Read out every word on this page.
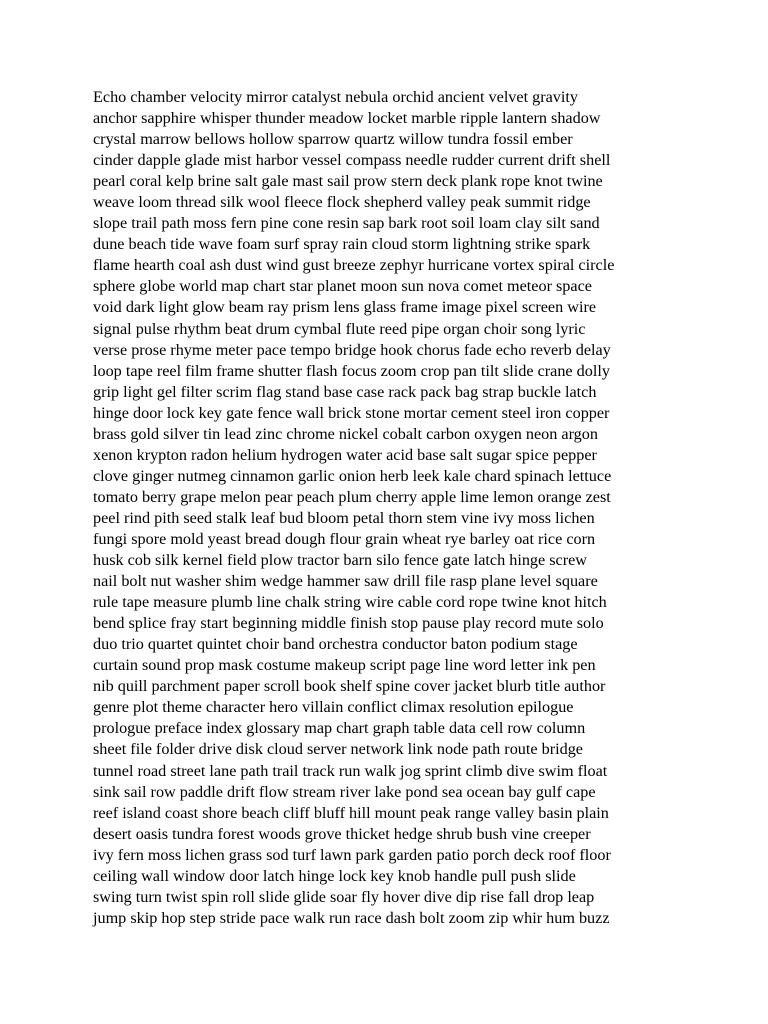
Echo chamber velocity mirror catalyst nebula orchid ancient velvet gravity
anchor sapphire whisper thunder meadow locket marble ripple lantern shadow
crystal marrow bellows hollow sparrow quartz willow tundra fossil ember
cinder dapple glade mist harbor vessel compass needle rudder current drift shell
pearl coral kelp brine salt gale mast sail prow stern deck plank rope knot twine
weave loom thread silk wool fleece flock shepherd valley peak summit ridge
slope trail path moss fern pine cone resin sap bark root soil loam clay silt sand
dune beach tide wave foam surf spray rain cloud storm lightning strike spark
flame hearth coal ash dust wind gust breeze zephyr hurricane vortex spiral circle
sphere globe world map chart star planet moon sun nova comet meteor space
void dark light glow beam ray prism lens glass frame image pixel screen wire
signal pulse rhythm beat drum cymbal flute reed pipe organ choir song lyric
verse prose rhyme meter pace tempo bridge hook chorus fade echo reverb delay
loop tape reel film frame shutter flash focus zoom crop pan tilt slide crane dolly
grip light gel filter scrim flag stand base case rack pack bag strap buckle latch
hinge door lock key gate fence wall brick stone mortar cement steel iron copper
brass gold silver tin lead zinc chrome nickel cobalt carbon oxygen neon argon
xenon krypton radon helium hydrogen water acid base salt sugar spice pepper
clove ginger nutmeg cinnamon garlic onion herb leek kale chard spinach lettuce
tomato berry grape melon pear peach plum cherry apple lime lemon orange zest
peel rind pith seed stalk leaf bud bloom petal thorn stem vine ivy moss lichen
fungi spore mold yeast bread dough flour grain wheat rye barley oat rice corn
husk cob silk kernel field plow tractor barn silo fence gate latch hinge screw
nail bolt nut washer shim wedge hammer saw drill file rasp plane level square
rule tape measure plumb line chalk string wire cable cord rope twine knot hitch
bend splice fray start beginning middle finish stop pause play record mute solo
duo trio quartet quintet choir band orchestra conductor baton podium stage
curtain sound prop mask costume makeup script page line word letter ink pen
nib quill parchment paper scroll book shelf spine cover jacket blurb title author
genre plot theme character hero villain conflict climax resolution epilogue
prologue preface index glossary map chart graph table data cell row column
sheet file folder drive disk cloud server network link node path route bridge
tunnel road street lane path trail track run walk jog sprint climb dive swim float
sink sail row paddle drift flow stream river lake pond sea ocean bay gulf cape
reef island coast shore beach cliff bluff hill mount peak range valley basin plain
desert oasis tundra forest woods grove thicket hedge shrub bush vine creeper
ivy fern moss lichen grass sod turf lawn park garden patio porch deck roof floor
ceiling wall window door latch hinge lock key knob handle pull push slide
swing turn twist spin roll slide glide soar fly hover dive dip rise fall drop leap
jump skip hop step stride pace walk run race dash bolt zoom zip whir hum buzz
